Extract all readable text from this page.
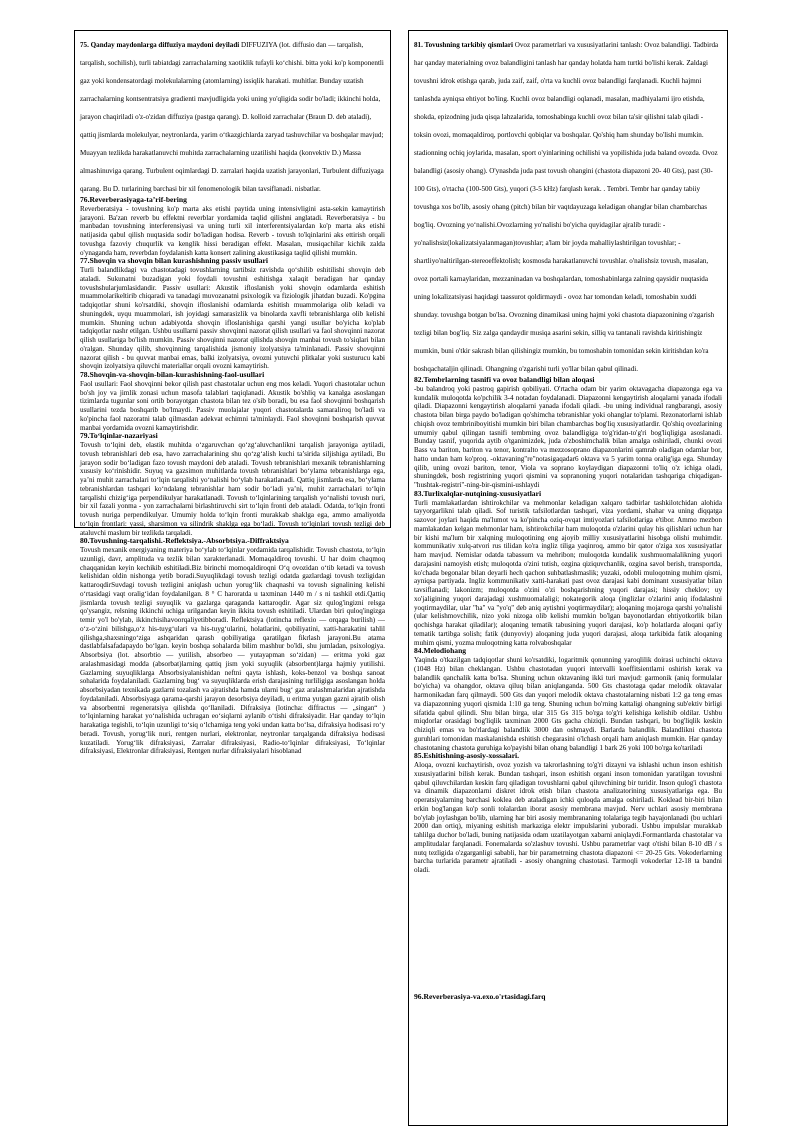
75. Qanday maydonlarga diffuziya maydoni deyiladi DIFFUZIYA (lot. diffusio dan — tarqalish, tarqalish, sochilish), turli tabiatdagi zarrachalarning xaotiklik tufayli ko‘chishi. bitta yoki ko'p komponentli gaz yoki kondensatordagi molekulalarning (atomlarning) issiqlik harakati. muhitlar. Bunday uzatish zarrachalarning kontsentratsiya gradienti mavjudligida yoki uning yo'qligida sodir bo'ladi; ikkinchi holda, jarayon chaqiriladi o'z-o'zidan diffuziya (pastga qarang). D. kolloid zarrachalar (Braun D. deb ataladi), qattiq jismlarda molekulyar, neytronlarda, yarim o‘tkazgichlarda zaryad tashuvchilar va boshqalar mavjud; Muayyan tezlikda harakatlanuvchi muhitda zarrachalarning uzatilishi haqida (konvektiv D.) Massa almashinuviga qarang. Turbulent oqimlardagi D. zarralari haqida uzatish jarayonlari, Turbulent diffuziyaga qarang. Bu D. turlarining barchasi bir xil fenomenologik bilan tavsiflanadi. nisbatlar.

76.Reverberasiyaga-ta’rif-bering

Reverberatsiya - tovushning ko'p marta aks etishi paytida uning intensivligini asta-sekin kamaytirish jarayoni. Ba'zan reverb bu effektni reverblar yordamida taqlid qilishni anglatadi. Reverberatsiya - bu manbadan tovushning interferensiyasi va uning turli xil interferentsiyalardan ko'p marta aks etishi natijasida qabul qilish nuqtasida sodir bo'ladigan hodisa. Reverb - tovush to'lqinlarini aks ettirish orqali tovushga fazoviy chuqurlik va kenglik hissi beradigan effekt. Masalan, musiqachilar kichik zalda o'ynaganda ham, reverbdan foydalanish katta konsert zalining akustikasiga taqlid qilishi mumkin.

77.Shovqin va shovqin bilan kurashishning passiv usullari

Turli balandlikdagi va chastotadagi tovushlarning tartibsiz ravishda qo‘shilib eshitilishi shovqin deb ataladi. Sukunatni buzadigan yoki foydali tovushni eshitishga xalaqit beradigan har qanday tovushshularjumlasidandir. Passiv usullari: Akustik ifloslanish yoki shovqin odamlarda eshitish muammolarikeltirib chiqaradi va tanadagi muvozanatni psixologik va fiziologik jihatdan buzadi. Ko'pgina tadqiqotlar shuni ko'rsatdiki, shovqin ifloslanishi odamlarda eshitish muammolariga olib keladi va shuningdek, uyqu muammolari, ish joyidagi samarasizlik va binolarda xavfli tebranishlarga olib kelishi mumkin. Shuning uchun adabiyotda shovqin ifloslanishiga qarshi yangi usullar bo'yicha ko'plab tadqiqotlar nashr etilgan. Ushbu usullarni passiv shovqinni nazorat qilish usullari va faol shovqinni nazorat qilish usullariga bo'lish mumkin. Passiv shovqinni nazorat qilishda shovqin manbai tovush to'siqlari bilan o'ralgan. Shunday qilib, shovqinning tarqalishida jismoniy izolyatsiya ta'minlanadi. Passiv shovqinni nazorat qilish - bu quvvat manbai emas, balki izolyatsiya, ovozni yutuvchi plitkalar yoki susturucu kabi shovqin izolyatsiya qiluvchi materiallar orqali ovozni kamaytirish.

78.Shovqin-va-shovqin-bilan-kurashishning-faol-usullari

Faol usullari: Faol shovqinni bekor qilish past chastotalar uchun eng mos keladi. Yuqori chastotalar uchun bo'sh joy va jimlik zonasi uchun masofa talablari taqiqlanadi. Akustik bo'shliq va kanalga asoslangan tizimlarda tugunlar soni ortib borayotgan chastota bilan tez o'sib boradi, bu esa faol shovqinni boshqarish usullarini tezda boshqarib bo'lmaydi. Passiv muolajalar yuqori chastotalarda samaraliroq bo'ladi va ko'pincha faol nazoratni talab qilmasdan adekvat echimni ta'minlaydi. Faol shovqinni boshqarish quvvat manbai yordamida ovozni kamaytirishdir.

79.To‘lqinlar-nazariyasi

Tovush to‘lqini deb, elastik muhitda o‘zgaruvchan qo‘zg‘aluvchanlikni tarqalish jarayoniga aytiladi, tovush tebranishlari deb esa, havo zarrachalarining shu qo‘zg‘alish kuchi ta’sirida siljishiga aytiladi, Bu jarayon sodir bo‘ladigan fazo tovush maydoni deb ataladi. Tovush tebranishlari mexanik tebranishlarning xususiy ko‘rinishidir. Suyuq va gazsimon muhitlarda tovush tebranishlari bo‘ylama tebranishlarga ega, ya’ni muhit zarrachalari to‘lqin tarqalishi yo‘nalishi bo‘ylab harakatlanadi. Qattiq jismlarda esa, bo‘ylama tebranishlardan tashqari ko‘ndalang tebranishlar ham sodir bo‘ladi ya’ni, muhit zarrachalari to‘lqin tarqalishi chizig‘iga perpendikulyar harakatlanadi. Tovush to‘lqinlarining tarqalish yo‘nalishi tovush nuri, bir xil fazali yonma - yon zarrachalarni birlashtiruvchi sirt to‘lqin fronti deb ataladi. Odatda, to‘lqin fronti tovush nuriga perpendikulyar. Umumiy holda to‘lqin fronti murakkab shaklga ega, ammo amaliyotda to‘lqin frontlari: yassi, sharsimon va silindrik shaklga ega bo‘ladi. Tovush to‘lqinlari tovush tezligi deb ataluvchi maslum bir tezlikda tarqaladi.

80.Tovushning-tarqalishi.-Reflektsiya.-Absorbtsiya.-Diffraktsiya

Tovush mexanik energiyaning materiya bo‘ylab to‘lqinlar yordamida tarqalishidir. Tovush chastota, to‘lqin uzunligi, davr, amplituda va tezlik bilan xarakterlanadi. Momaqaldiroq tovushi. U har doim chaqmoq chaqqanidan keyin kechikib eshitiladi.Biz birinchi momoqaldiroqni O‘q ovozidan o‘tib ketadi va tovush kelishidan oldin nishonga yetib boradi.Suyuqlikdagi tovush tezligi odatda gazlardagi tovush tezligidan kattaroqdirSuvdagi tovush tezligini aniqlash uchun yorug‘lik chaqnashi va tovush signalining kelishi o‘rtasidagi vaqt oralig‘idan foydalanilgan. 8 ° C haroratda u taxminan 1440 m / s ni tashkil etdi.Qattiq jismlarda tovush tezligi suyuqlik va gazlarga qaraganda kattaroqdir. Agar siz qulog'ingizni relsga qo'ysangiz, relsning ikkinchi uchiga urilgandan keyin ikkita tovush eshitiladi. Ulardan biri quloq'ingizga temir yo'l bo'ylab, ikkinchisihavoorqaliyetibboradi. Reflektsiya (lotincha reflexio — orqaga burilish) — o‘z-o‘zini bilishga,o‘z his-tuyg‘ulari va his-tuyg‘ularini, holatlarini, qobiliyatini, xatti-harakatini tahlil qilishga,shaxsningo‘ziga ashqaridan qarash qobiliyatiga qaratilgan fikrlash jarayoni.Bu atama dastlabfalsafadapaydo bo‘lgan. keyin boshqa sohalarda bilim mashhur bo'ldi, shu jumladan, psixologiya. Absorbsiya (lot. absorbtio — yutilish, absorbeo — yutayapman so‘zidan) — eritma yoki gaz aralashmasidagi modda (absorbat)larning qattiq jism yoki suyuqlik (absorbent)larga hajmiy yutilishi. Gazlarning suyuqliklarga Absorbsiyalanishidan neftni qayta ishlash, koks-benzol va boshqa sanoat sohalarida foydalaniladi. Gazlarning bug‘ va suyuqliklarda erish darajasining turliligiga asoslangan holda absorbsiyadan texnikada gazlarni tozalash va ajratishda hamda ularni bug‘ gaz aralashmalaridan ajratishda foydalaniladi. Absorbsiyaga qarama-qarshi jarayon desorbsiya deyiladi, u eritma yutgan gazni ajratib olish va absorbentni regeneratsiya qilishda qo‘llaniladi. Difraksiya (lotincha: diffractus — „singan“ ) to‘lqinlarning harakat yo‘nalishida uchragan eo‘siqlarni aylanib o‘tishi difraksiyadir. Har qanday to‘lqin harakatiga tegishli, to‘lqin uzunligi to‘siq o‘lchamiga teng yoki undan katta bo‘lsa, difraksiya hodisasi ro‘y beradi. Tovush, yorug‘lik nuri, rentgen nurlari, elektronlar, neytronlar tarqalganda difraksiya hodisasi kuzatiladi. Yorug‘lik difraksiyasi, Zarralar difraksiyasi, Radio-to‘lqinlar difraksiyasi, To‘lqinlar difraksiyasi, Elektronlar difraksiyasi, Rentgen nurlar difraksiyalari hisoblanad

81. Tovushning tarkibiy qismlari Ovoz parametrlari va xususiyatlarini tanlash: Ovoz balandligi. Tadbirda har qanday materialning ovoz balandligini tanlash har qanday holatda ham turtki bo'lishi kerak. Zaldagi tovushni idrok etishga qarab, juda zaif, zaif, o'rta va kuchli ovoz balandligi farqlanadi. Kuchli hajmni tanlashda ayniqsa ehtiyot bo'ling. Kuchli ovoz balandligi oqlanadi, masalan, madhiyalarni ijro etishda, shokda, epizodning juda qisqa lahzalarida, tomoshabinga kuchli ovoz bilan ta'sir qilishni talab qiladi - toksin ovozi, momaqaldiroq, portlovchi qobiqlar va boshqalar. Qo'shiq ham shunday bo'lishi mumkin. stadionning ochiq joylarida, masalan, sport o'yinlarining ochilishi va yopilishida juda baland ovozda. Ovoz balandligi (asosiy ohang). O'ynashda juda past tovush ohangini (chastota diapazoni 20- 40 Gts), past (30-100 Gts), o'rtacha (100-500 Gts), yuqori (3-5 kHz) farqlash kerak. . Tembri. Tembr har qanday tabiiy tovushga xos bo'lib, asosiy ohang (pitch) bilan bir vaqtdayuzaga keladigan ohanglar bilan chambarchas bog'liq. Ovozning yo‘nalishi.Ovozlarning yo'nalishi bo'yicha quyidagilar ajralib turadi: -yo'nalishsiz(lokalizatsiyalanmagan)tovushlar; a'lam bir joyda mahalliylashtirilgan tovushlar; -shartliyo'naltirilgan-stereoeffektolish; kosmosda harakatlanuvchi tovushlar. o'nalishsiz tovush, masalan, ovoz portali karnaylaridan, mezzaninadan va boshqalardan, tomoshabinlarga zalning qaysidir nuqtasida uning lokalizatsiyasi haqidagi taassurot qoldirmaydi - ovoz har tomondan keladi, tomoshabin xuddi shunday. tovushga botgan bo'lsa. Ovozning dinamikasi uning hajmi yoki chastota diapazonining o'zgarish tezligi bilan bog'liq. Siz zalga qandaydir musiqa asarini sekin, silliq va tantanali ravishda kiritishingiz mumkin, buni o'tkir sakrash bilan qilishingiz mumkin, bu tomoshabin tomonidan sekin kiritishdan ko'ra boshqachataljin qilinadi. Ohangning o'zgarishi turli yo'llar bilan qabul qilinadi.

82.Tembrlarning tasnifi va ovoz balandligi bilan aloqasi

-bu balandroq yoki pastroq gapirish qobiliyati. O'rtacha odam bir yarim oktavagacha diapazonga ega va kundalik muloqotda ko'pchilik 3-4 notadan foydalanadi. Diapazonni kengaytirish aloqalarni yanada ifodali qiladi. Diapazonni kengaytirish aloqalarni yanada ifodali qiladi. -bu uning individual rangbarangi, asosiy chastota bilan birga paydo bo'ladigan qo'shimcha tebranishlar yoki ohanglar to'plami. Rezonatorlarni ishlab chiqish ovoz tembriniboyitishi mumkin biri bilan chambarchas bog'liq xususiyatlardir. Qo'shiq ovozlarining umumiy qabul qilingan tasnifi tembrning ovoz balandligiga to'g'ridan-to'g'ri bog'liqligiga asoslanadi. Bunday tasnif, yuqorida aytib o'tganimizdek, juda o'zboshimchalik bilan amalga oshiriladi, chunki ovozi Bass va bariton, bariton va tenor, kontralto va mezzosoprano diapazonlarini qamrab oladigan odamlar bor, hatto undan ham ko'proq. -oktavaning"re"notasigaqadar6 oktava va 5 yarim tonna oralig'iga ega. Shunday qilib, uning ovozi bariton, tenor, Viola va soprano koylaydigan diapazonni to'liq o'z ichiga oladi, shuningdek, bosh registrining yuqori qismini va sopranoning yuqori notalaridan tashqariga chiqadigan-"hushtak-registri"-ning-bir-qismini-ushlaydi

83.Turlixalqlar-nutqining-xususiyatlari

Turli mamlakatlardan ishtirokchilar va mehmonlar keladigan xalqaro tadbirlar tashkilotchidan alohida tayyorgarlikni talab qiladi. Sof turistik tafsilotlardan tashqari, viza yordami, shahar va uning diqqatga sazovor joylari haqida ma'lumot va ko'pincha oziq-ovqat imtiyozlari tafsilotlariga e'tibor. Ammo mezbon mamlakatdan kelgan mehmonlar ham, ishtirokchilar ham muloqotda o'zlarini qulay his qilishlari uchun har bir kishi ma'lum bir xalqning muloqotining eng ajoyib milliy xususiyatlarini hisobga olishi muhimdir. kommunikativ xulq-atvori rus tilidan ko'ra ingliz tiliga yaqinroq, ammo bir qator o'ziga xos xususiyatlar ham mavjud. Nemislar odatda tabassum va mehribon; muloqotda kundalik xushmuomalalikning yuqori darajasini namoyish etish; muloqotda o'zini tutish, ozgina qiziquvchanlik, ozgina savol berish, transportda, ko'chada begonalar bilan deyarli hech qachon suhbatlashmaslik; yuzaki, odobli muloqotning muhim qismi, ayniqsa partiyada. Ingliz kommunikativ xatti-harakati past ovoz darajasi kabi dominant xususiyatlar bilan tavsiflanadi; lakonizm; muloqotda o'zini o'zi boshqarishning yuqori darajasi; hissiy cheklov; uy xo'jaligining yuqori darajadagi xushmuomalaligi; nokategorik aloqa (inglizlar o'zlarini aniq ifodalashni yoqtirmaydilar, ular "ha" va "yo'q" deb aniq aytishni yoqtirmaydilar); aloqaning mojaroga qarshi yo'nalishi (ular kelishmovchilik, nizo yoki nizoga olib kelishi mumkin bo'lgan bayonotlardan ehtiyotkorlik bilan qochishga harakat qiladilar); aloqaning tematik tabusining yuqori darajasi, ko'p holatlarda aloqani qat'iy tematik tartibga solish; fatik (dunyoviy) aloqaning juda yuqori darajasi, aloqa tarkibida fatik aloqaning muhim qismi, yozma muloqotning katta rolvaboshqalar

84.Melodiohang

Yaqinda o'tkazilgan tadqiqotlar shuni ko'rsatdiki, logaritmik qonunning yaroqlilik doirasi uchinchi oktava (1048 Hz) bilan cheklangan. Ushbu chastotadan yuqori intervalli koeffitsientlarni oshirish kerak va balandlik qanchalik katta bo'lsa. Shuning uchun oktavaning ikki turi mavjud: garmonik (aniq formulalar bo'yicha) va ohangdor, oktava qiluq bilan aniqlanganda. 500 Gts chastotaga qadar melodik oktavalar harmonikadan farq qilmaydi. 500 Gts dan yuqori melodik oktava chastotalarning nisbati 1:2 ga teng emas va diapazonning yuqori qismida 1:10 ga teng. Shuning uchun bo'rning kattaligi ohangning sub'ektiv birligi sifatida qabul qilindi. Shu bilan birga, ular 315 Gs 315 bo'rga to'g'ri kelishiga kelishib oldilar. Ushbu miqdorlar orasidagi bog'liqlik taxminan 2000 Gts gacha chiziqli. Bundan tashqari, bu bog'liqlik keskin chiziqli emas va bo'rlardagi balandlik 3000 dan oshmaydi. Barlarda balandlik. Balandlikni chastota guruhlari tomonidan maskalanishda eshitish chegarasini o'lchash orqali ham aniqlash mumkin. Har qanday chastotaning chastota guruhiga ko'payishi bilan ohang balandligi 1 bark 26 yoki 100 bo'rga ko'tariladi

85.Eshitishning-asosiy-xossalari.

Aloqa, ovozni kuchaytirish, ovoz yozish va takrorlashning to'g'ri dizayni va ishlashi uchun inson eshitish xususiyatlarini bilish kerak. Bundan tashqari, inson eshitish organi inson tomonidan yaratilgan tovushni qabul qiluvchilardan keskin farq qiladigan tovushlarni qabul qiluvchining bir turidir. Inson qulog'i chastota va dinamik diapazonlarni diskret idrok etish bilan chastota analizatorining xususiyatlariga ega. Bu operatsiyalarning barchasi koklea deb ataladigan ichki quloqda amalga oshiriladi. Koklead bir-biri bilan erkin bog'langan ko'p sonli tolalardan iborat asosiy membrana mavjud. Nerv uchlari asosiy membrana bo'ylab joylashgan bo'lib, ularning har biri asosiy membrananing tolalariga tegib hayajonlanadi (bu uchlari 2000 dan ortiq), miyaning eshitish markaziga elektr impulslarini yuboradi. Ushbu impulslar murakkab tahlilga duchor bo'ladi, buning natijasida odam uzatilayotgan xabarni aniqlaydi.Formantlarda chastotalar va amplitudalar farqlanadi. Fonemalarda so'zlashuv tovushi. Ushbu parametrlar vaqt o'tishi bilan 8-10 dB / s nutq tezligida o'zgarganligi sababli, har bir parametrning chastota diapazoni <= 20-25 Gts. Vokoderlarning barcha turlarida parametr ajratiladi - asosiy ohangning chastotasi. Tarmoqli vokoderlar 12-18 ta bandni oladi.

96.Reverberasiya-va.exo.o'rtasidagi.farq
